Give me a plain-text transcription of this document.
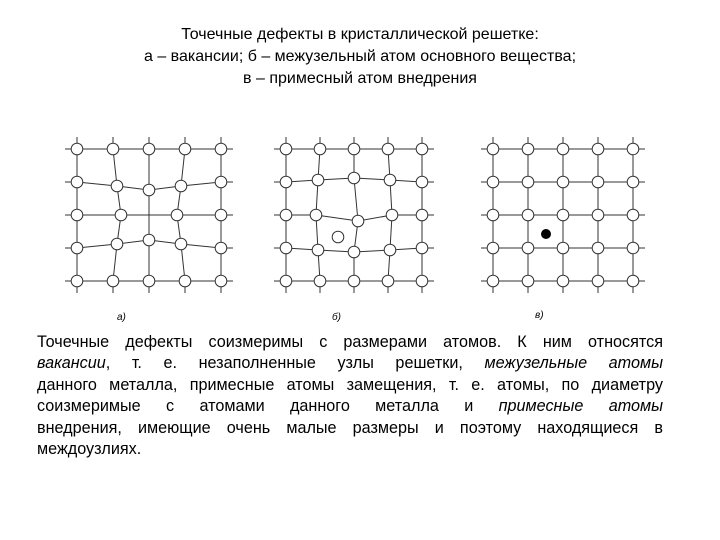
Точечные дефекты в кристаллической решетке:
а – вакансии; б – межузельный атом основного вещества;
в – примесный атом внедрения
а)	б)	в)
Точечные дефекты соизмеримы с размерами атомов. К ним относятся
вакансии, т. е. незаполненные узлы решетки, межузельные атомы
данного металла, примесные атомы замещения, т. е. атомы, по диаметру
соизмеримые с атомами данного металла и примесные атомы
внедрения, имеющие очень малые размеры и поэтому находящиеся в
междоузлиях.
